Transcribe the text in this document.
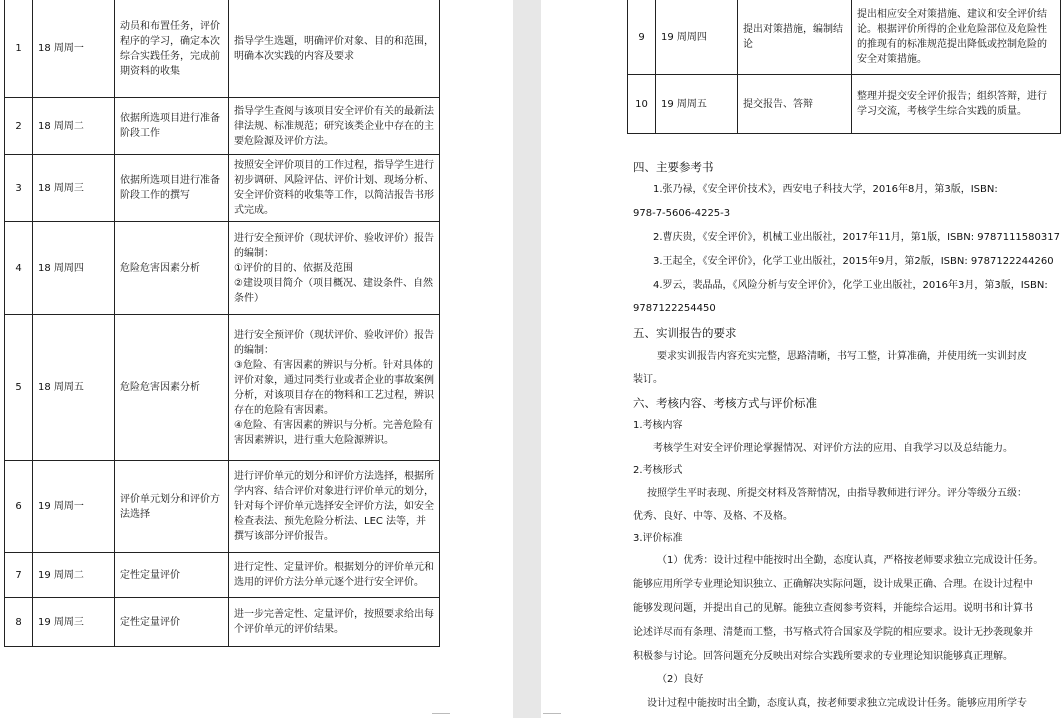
1	18 周周一	动员和布置任务，评价程序的学习，确定本次综合实践任务，完成前期资料的收集	指导学生选题，明确评价对象、目的和范围，明确本次实践的内容及要求
2	18 周周二	依据所选项目进行准备阶段工作	指导学生查阅与该项目安全评价有关的最新法律法规、标准规范；研究该类企业中存在的主要危险源及评价方法。
3	18 周周三	依据所选项目进行准备阶段工作的撰写	按照安全评价项目的工作过程，指导学生进行初步调研、风险评估、评价计划、现场分析、安全评价资料的收集等工作，以简洁报告书形式完成。
4	18 周周四	危险危害因素分析	进行安全预评价（现状评价、验收评价）报告的编制：
①评价的目的、依据及范围
②建设项目简介（项目概况、建设条件、自然条件）
5	18 周周五	危险危害因素分析	进行安全预评价（现状评价、验收评价）报告的编制：
③危险、有害因素的辨识与分析。针对具体的评价对象，通过同类行业或者企业的事故案例分析，对该项目存在的物料和工艺过程，辨识存在的危险有害因素。
④危险、有害因素的辨识与分析。完善危险有害因素辨识，进行重大危险源辨识。
6	19 周周一	评价单元划分和评价方法选择	进行评价单元的划分和评价方法选择，根据所学内容、结合评价对象进行评价单元的划分，针对每个评价单元选择安全评价方法，如安全检查表法、预先危险分析法、LEC 法等，并撰写该部分评价报告。
7	19 周周二	定性定量评价	进行定性、定量评价。根据划分的评价单元和选用的评价方法分单元逐个进行安全评价。
8	19 周周三	定性定量评价	进一步完善定性、定量评价，按照要求给出每个评价单元的评价结果。
9	19 周周四	提出对策措施，编制结论	提出相应安全对策措施、建议和安全评价结论。根据评价所得的企业危险部位及危险性的推现有的标准规范提出降低或控制危险的安全对策措施。
10	19 周周五	提交报告、答辩	整理并提交安全评价报告；组织答辩，进行学习交流，考核学生综合实践的质量。
四、主要参考书
1.张乃禄，《安全评价技术》，西安电子科技大学，2016年8月，第3版，ISBN:
978-7-5606-4225-3
2.曹庆贵，《安全评价》，机械工业出版社，2017年11月，第1版，ISBN: 9787111580317
3.王起全，《安全评价》，化学工业出版社，2015年9月，第2版，ISBN: 9787122244260
4.罗云，裴晶晶，《风险分析与安全评价》，化学工业出版社，2016年3月，第3版，ISBN:
9787122254450
五、实训报告的要求
要求实训报告内容充实完整，思路清晰，书写工整，计算准确，并使用统一实训封皮
装订。
六、考核内容、考核方式与评价标准
1.考核内容
考核学生对安全评价理论掌握情况、对评价方法的应用、自我学习以及总结能力。
2.考核形式
按照学生平时表现、所提交材料及答辩情况，由指导教师进行评分。评分等级分五级：
优秀、良好、中等、及格、不及格。
3.评价标准
（1）优秀：设计过程中能按时出全勤，态度认真，严格按老师要求独立完成设计任务。
能够应用所学专业理论知识独立、正确解决实际问题，设计成果正确、合理。在设计过程中
能够发现问题，并提出自己的见解。能独立查阅参考资料，并能综合运用。说明书和计算书
论述详尽而有条理、清楚而工整，书写格式符合国家及学院的相应要求。设计无抄袭现象并
积极参与讨论。回答问题充分反映出对综合实践所要求的专业理论知识能够真正理解。
（2）良好
设计过程中能按时出全勤，态度认真，按老师要求独立完成设计任务。能够应用所学专
